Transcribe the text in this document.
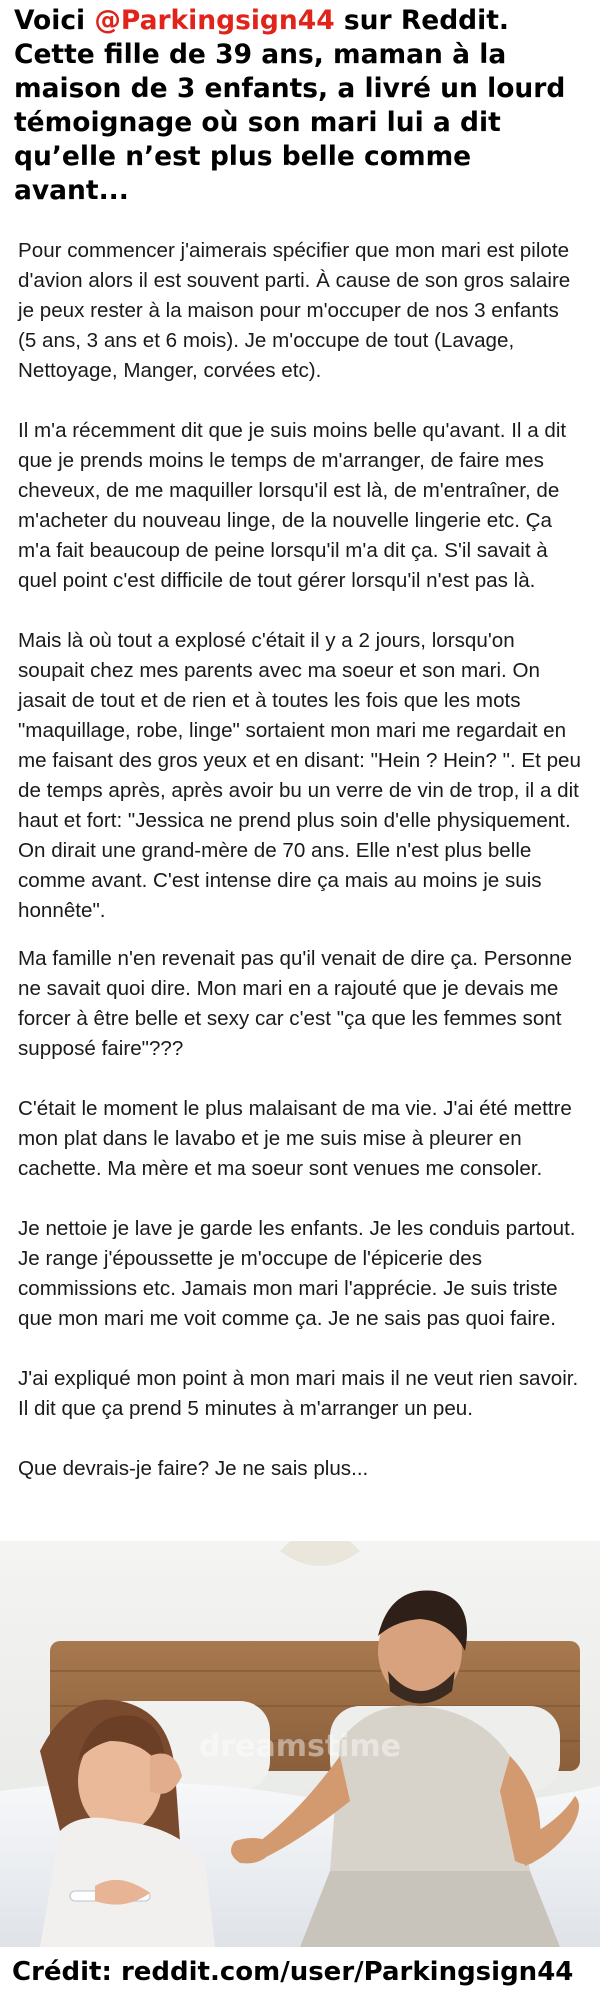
Voici @Parkingsign44 sur Reddit. Cette fille de 39 ans, maman à la maison de 3 enfants, a livré un lourd témoignage où son mari lui a dit qu’elle n’est plus belle comme avant...

Pour commencer j'aimerais spécifier que mon mari est pilote d'avion alors il est souvent parti. À cause de son gros salaire je peux rester à la maison pour m'occuper de nos 3 enfants (5 ans, 3 ans et 6 mois). Je m'occupe de tout (Lavage, Nettoyage, Manger, corvées etc).

Il m'a récemment dit que je suis moins belle qu'avant. Il a dit que je prends moins le temps de m'arranger, de faire mes cheveux, de me maquiller lorsqu'il est là, de m'entraîner, de m'acheter du nouveau linge, de la nouvelle lingerie etc. Ça m'a fait beaucoup de peine lorsqu'il m'a dit ça. S'il savait à quel point c'est difficile de tout gérer lorsqu'il n'est pas là.

Mais là où tout a explosé c'était il y a 2 jours, lorsqu'on soupait chez mes parents avec ma soeur et son mari. On jasait de tout et de rien et à toutes les fois que les mots "maquillage, robe, linge" sortaient mon mari me regardait en me faisant des gros yeux et en disant: "Hein ? Hein? ". Et peu de temps après, après avoir bu un verre de vin de trop, il a dit haut et fort: "Jessica ne prend plus soin d'elle physiquement. On dirait une grand-mère de 70 ans. Elle n'est plus belle comme avant. C'est intense dire ça mais au moins je suis honnête".

Ma famille n'en revenait pas qu'il venait de dire ça. Personne ne savait quoi dire. Mon mari en a rajouté que je devais me forcer à être belle et sexy car c'est "ça que les femmes sont supposé faire"???

C'était le moment le plus malaisant de ma vie. J'ai été mettre mon plat dans le lavabo et je me suis mise à pleurer en cachette. Ma mère et ma soeur sont venues me consoler.

Je nettoie je lave je garde les enfants. Je les conduis partout. Je range j'époussette je m'occupe de l'épicerie des commissions etc. Jamais mon mari l'apprécie. Je suis triste que mon mari me voit comme ça. Je ne sais pas quoi faire.

J'ai expliqué mon point à mon mari mais il ne veut rien savoir. Il dit que ça prend 5 minutes à m'arranger un peu.

Que devrais-je faire? Je ne sais plus...

dreamstime
Crédit: reddit.com/user/Parkingsign44
